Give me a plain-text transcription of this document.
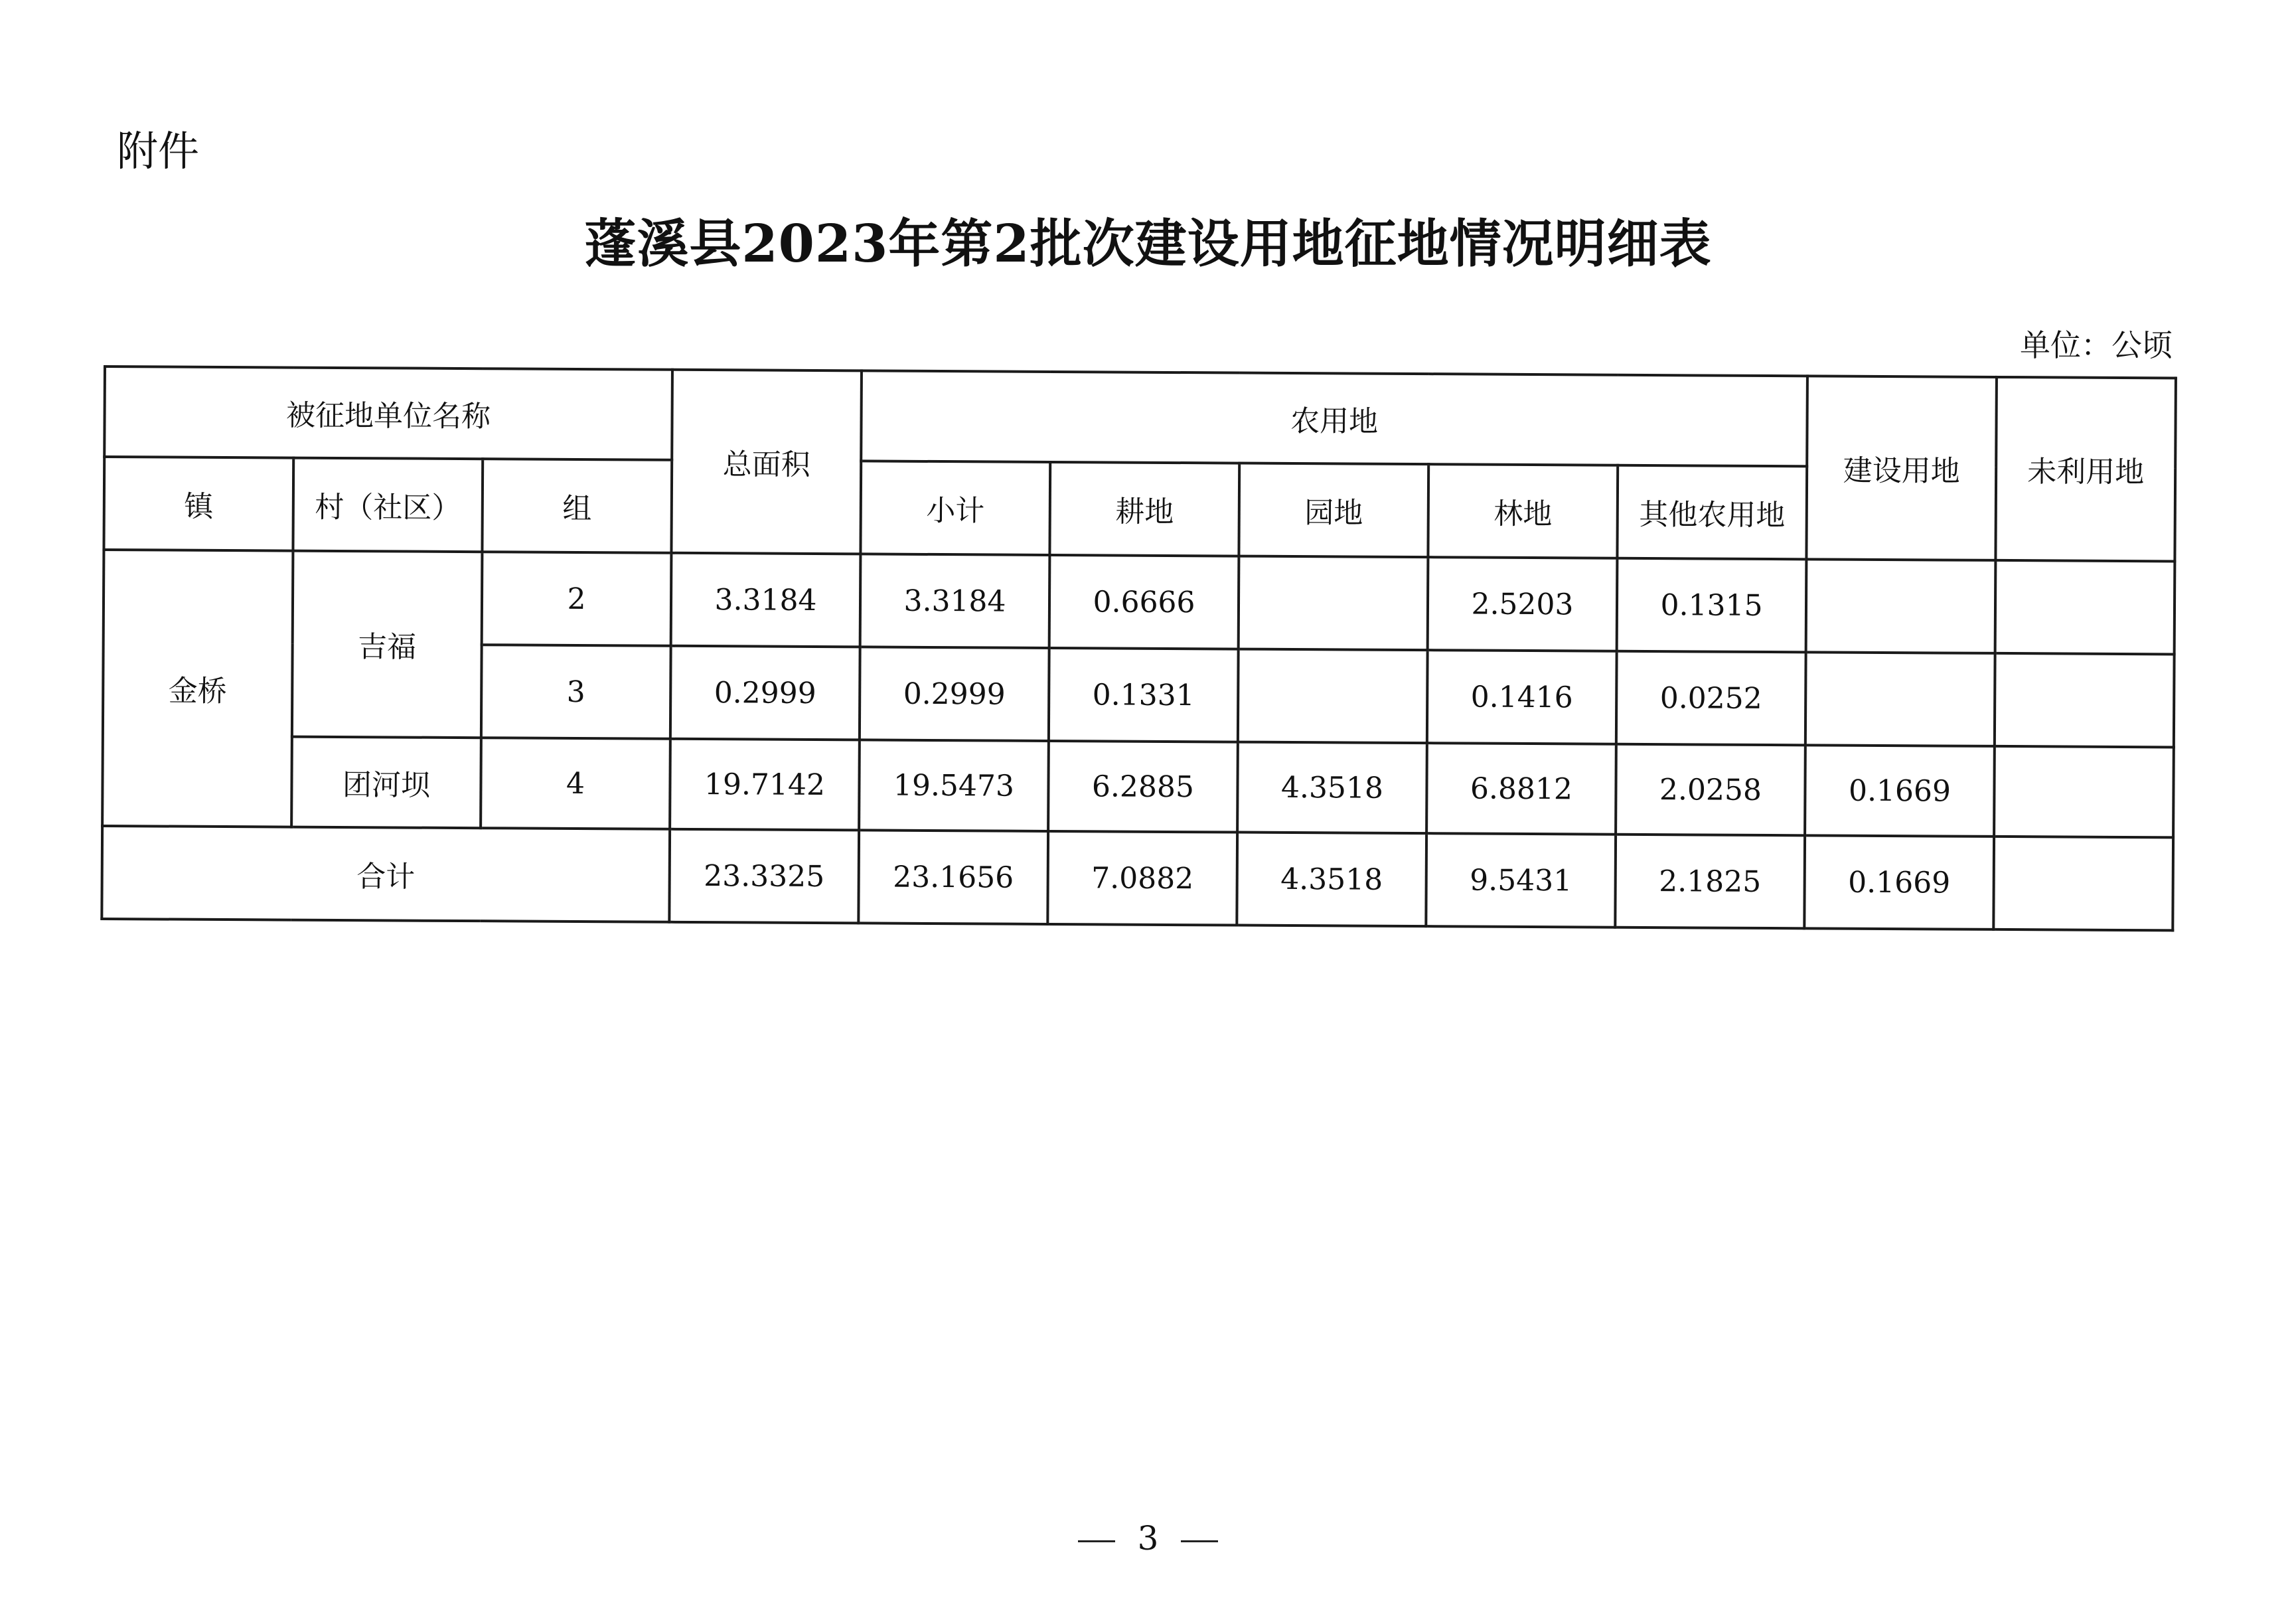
附件
蓬溪县2023年第2批次建设用地征地情况明细表
单位：公顷
被征地单位名称			总面积	农用地					建设用地	未利用地
镇	村（社区）	组		小计	耕地	园地	林地	其他农用地		
金桥	吉福	2	3.3184	3.3184	0.6666		2.5203	0.1315		
		3	0.2999	0.2999	0.1331		0.1416	0.0252		
	团河坝	4	19.7142	19.5473	6.2885	4.3518	6.8812	2.0258	0.1669	
合计			23.3325	23.1656	7.0882	4.3518	9.5431	2.1825	0.1669	
3
